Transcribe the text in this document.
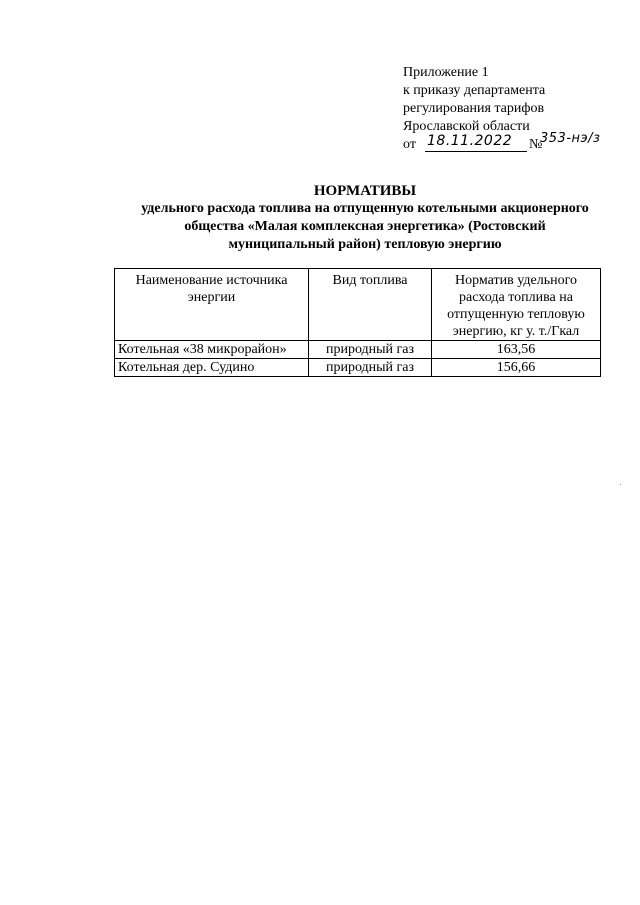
Приложение 1
к приказу департамента
регулирования тарифов
Ярославской области
от 18.11.2022 №
353-нэ/з
НОРМАТИВЫ
удельного расхода топлива на отпущенную котельными акционерного
общества «Малая комплексная энергетика» (Ростовский
муниципальный район) тепловую энергию
Наименование источника энергии	Вид топлива	Норматив удельного расхода топлива на отпущенную тепловую энергию, кг у. т./Гкал
Котельная «38 микрорайон»	природный газ	163,56
Котельная дер. Судино	природный газ	156,66
